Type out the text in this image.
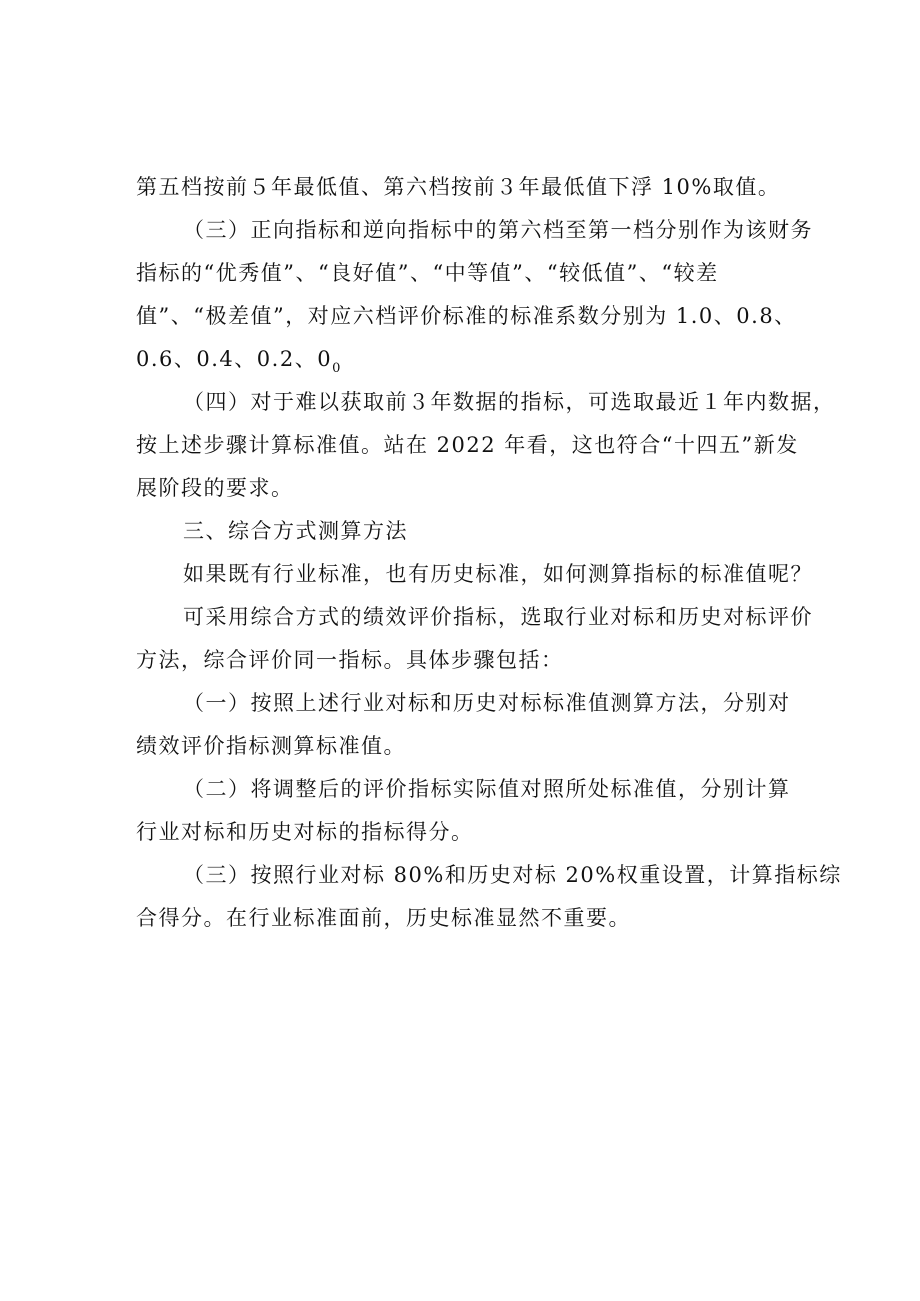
第五档按前５年最低值、第六档按前３年最低值下浮 10%取值。
（三）正向指标和逆向指标中的第六档至第一档分别作为该财务
指标的“优秀值”、“良好值”、“中等值”、“较低值”、“较差
值”、“极差值”，对应六档评价标准的标准系数分别为 1.0、0.8、
0.6、0.4、0.2、$0_0$
（四）对于难以获取前３年数据的指标，可选取最近１年内数据，
按上述步骤计算标准值。站在 2022 年看，这也符合“十四五”新发
展阶段的要求。
三、综合方式测算方法
如果既有行业标准，也有历史标准，如何测算指标的标准值呢？
可采用综合方式的绩效评价指标，选取行业对标和历史对标评价
方法，综合评价同一指标。具体步骤包括：
（一）按照上述行业对标和历史对标标准值测算方法，分别对
绩效评价指标测算标准值。
（二）将调整后的评价指标实际值对照所处标准值，分别计算
行业对标和历史对标的指标得分。
（三）按照行业对标 80%和历史对标 20%权重设置，计算指标综
合得分。在行业标准面前，历史标准显然不重要。
